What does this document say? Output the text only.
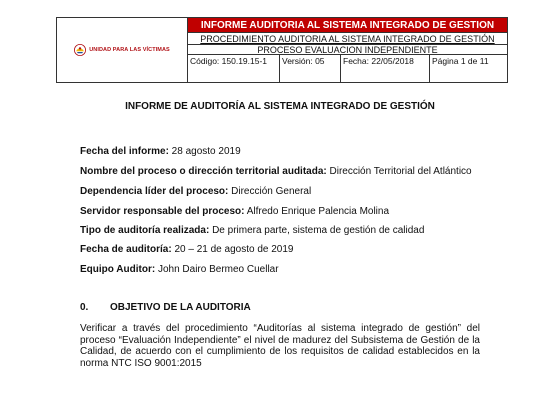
UNIDAD PARA LAS VÍCTIMAS
INFORME AUDITORIA AL SISTEMA INTEGRADO DE GESTION
PROCEDIMIENTO AUDITORIA AL SISTEMA INTEGRADO DE GESTIÓN
PROCESO EVALUACION INDEPENDIENTE
Código: 150.19.15-1	Versión: 05	Fecha: 22/05/2018	Página 1 de 11
INFORME DE AUDITORÍA AL SISTEMA INTEGRADO DE GESTIÓN
Fecha del informe: 28 agosto 2019
Nombre del proceso o dirección territorial auditada: Dirección Territorial del Atlántico
Dependencia líder del proceso: Dirección General
Servidor responsable del proceso: Alfredo Enrique Palencia Molina
Tipo de auditoría realizada: De primera parte, sistema de gestión de calidad
Fecha de auditoría: 20 – 21 de agosto de 2019
Equipo Auditor: John Dairo Bermeo Cuellar
0. OBJETIVO DE LA AUDITORIA
Verificar a través del procedimiento “Auditorías al sistema integrado de gestión” del proceso “Evaluación Independiente” el nivel de madurez del Subsistema de Gestión de la Calidad, de acuerdo con el cumplimiento de los requisitos de calidad establecidos en la norma NTC ISO 9001:2015
